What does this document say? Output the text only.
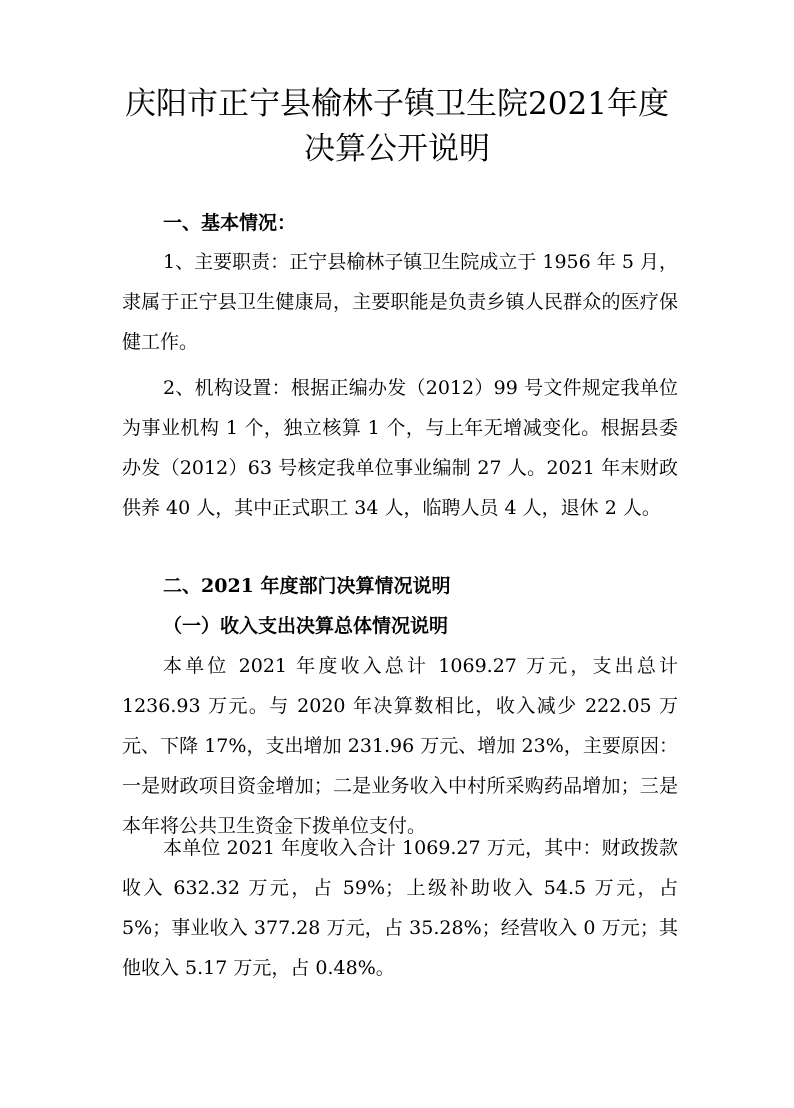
庆阳市正宁县榆林子镇卫生院2021年度
决算公开说明
一、基本情况：

1、主要职责：正宁县榆林子镇卫生院成立于 1956 年 5 月，隶属于正宁县卫生健康局，主要职能是负责乡镇人民群众的医疗保健工作。

2、机构设置：根据正编办发（2012）99 号文件规定我单位为事业机构 1 个，独立核算 1 个，与上年无增减变化。根据县委办发（2012）63 号核定我单位事业编制 27 人。2021 年末财政供养 40 人，其中正式职工 34 人，临聘人员 4 人，退休 2 人。

二、2021 年度部门决算情况说明
（一）收入支出决算总体情况说明

本单位 2021 年度收入总计 1069.27 万元，支出总计 1236.93 万元。与 2020 年决算数相比，收入减少 222.05 万元、下降 17%，支出增加 231.96 万元、增加 23%，主要原因：一是财政项目资金增加；二是业务收入中村所采购药品增加；三是本年将公共卫生资金下拨单位支付。

本单位 2021 年度收入合计 1069.27 万元，其中：财政拨款收入 632.32 万元，占 59%；上级补助收入 54.5 万元，占 5%；事业收入 377.28 万元，占 35.28%；经营收入 0 万元；其他收入 5.17 万元，占 0.48%。
